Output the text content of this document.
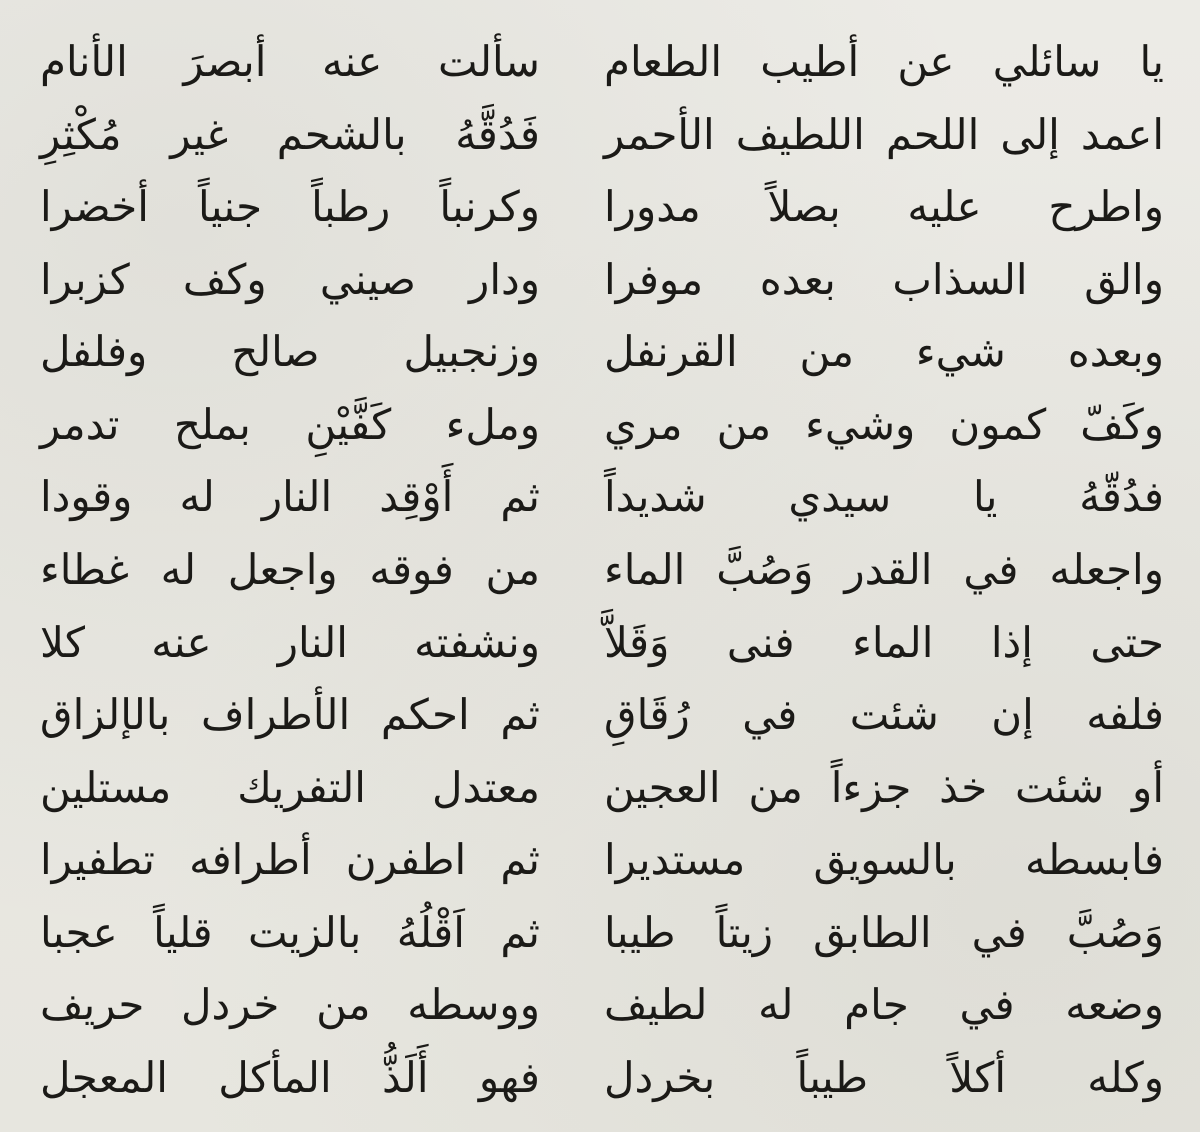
يا سائلي عن أطيب الطعام
سألت عنه أبصرَ الأنام
اعمد إلى اللحم اللطيف الأحمر
فَدُقَّهُ بالشحم غير مُكْثِرِ
واطرح عليه بصلاً مدورا
وكرنباً رطباً جنياً أخضرا
والق السذاب بعده موفرا
ودار صيني وكف كزبرا
وبعده شيء من القرنفل
وزنجبيل صالح وفلفل
وكَفّ كمون وشيء من مري
وملء كَفَّيْنِ بملح تدمر
فدُقّهُ يا سيدي شديداً
ثم أَوْقِد النار له وقودا
واجعله في القدر وَصُبَّ الماء
من فوقه واجعل له غطاء
حتى إذا الماء فنى وَقَلاَّ
ونشفته النار عنه كلا
فلفه إن شئت في رُقَاقِ
ثم احكم الأطراف بالإلزاق
أو شئت خذ جزءاً من العجين
معتدل التفريك مستلين
فابسطه بالسويق مستديرا
ثم اطفرن أطرافه تطفيرا
وَصُبَّ في الطابق زيتاً طيبا
ثم اَقْلُهُ بالزيت قلياً عجبا
وضعه في جام له لطيف
ووسطه من خردل حريف
وكله أكلاً طيباً بخردل
فهو أَلَذُّ المأكل المعجل
